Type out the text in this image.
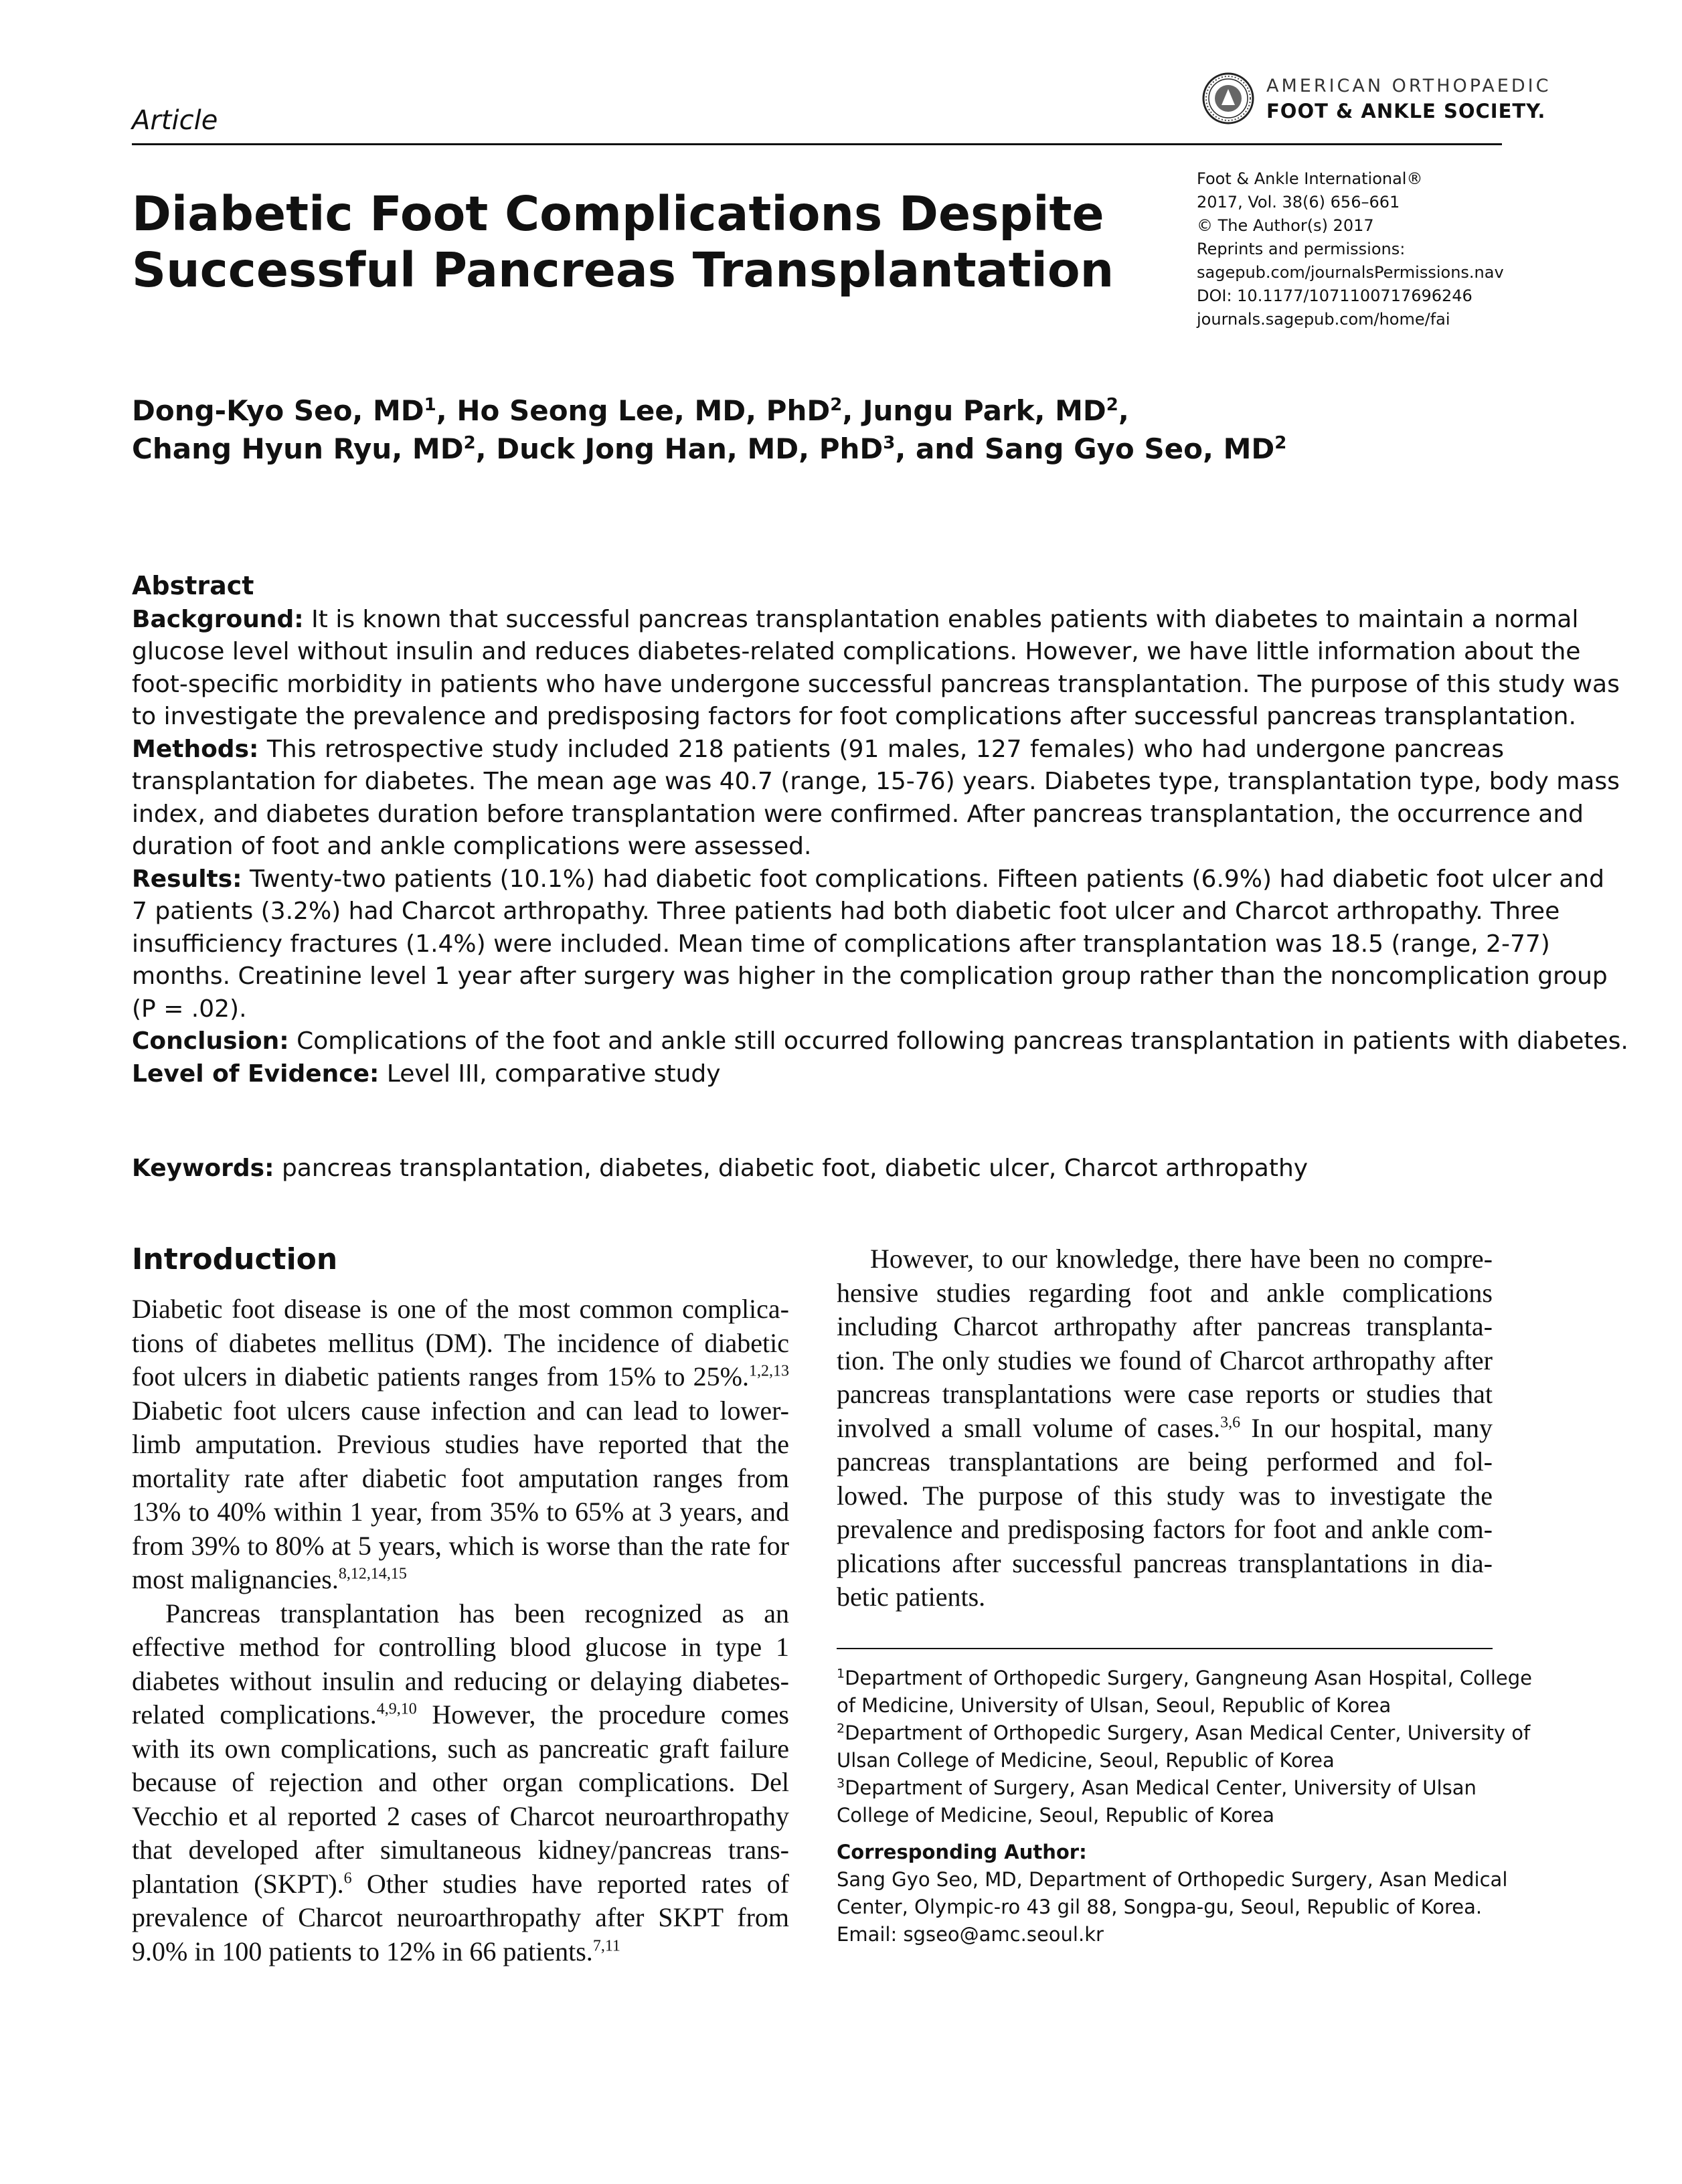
Article
AMERICAN ORTHOPAEDIC
FOOT & ANKLE SOCIETY.
Foot & Ankle International®
2017, Vol. 38(6) 656–661
© The Author(s) 2017
Reprints and permissions:
sagepub.com/journalsPermissions.nav
DOI: 10.1177/1071100717696246
journals.sagepub.com/home/fai
Diabetic Foot Complications Despite
Successful Pancreas Transplantation
Dong-Kyo Seo, $MD^1$, Ho Seong Lee, MD, PhD$^2$, Jungu Park, $MD^2$,
Chang Hyun Ryu, $MD^2$, Duck Jong Han, MD, PhD$^3$, and Sang Gyo Seo, $MD^2$
Abstract
Background: It is known that successful pancreas transplantation enables patients with diabetes to maintain a normal
glucose level without insulin and reduces diabetes-related complications. However, we have little information about the
foot-specific morbidity in patients who have undergone successful pancreas transplantation. The purpose of this study was
to investigate the prevalence and predisposing factors for foot complications after successful pancreas transplantation.
Methods: This retrospective study included 218 patients (91 males, 127 females) who had undergone pancreas
transplantation for diabetes. The mean age was 40.7 (range, 15-76) years. Diabetes type, transplantation type, body mass
index, and diabetes duration before transplantation were confirmed. After pancreas transplantation, the occurrence and
duration of foot and ankle complications were assessed.
Results: Twenty-two patients (10.1%) had diabetic foot complications. Fifteen patients (6.9%) had diabetic foot ulcer and
7 patients (3.2%) had Charcot arthropathy. Three patients had both diabetic foot ulcer and Charcot arthropathy. Three
insufficiency fractures (1.4%) were included. Mean time of complications after transplantation was 18.5 (range, 2-77)
months. Creatinine level 1 year after surgery was higher in the complication group rather than the noncomplication group
(P = .02).
Conclusion: Complications of the foot and ankle still occurred following pancreas transplantation in patients with diabetes.
Level of Evidence: Level III, comparative study
Keywords: pancreas transplantation, diabetes, diabetic foot, diabetic ulcer, Charcot arthropathy
Introduction
Diabetic foot disease is one of the most common complica-
tions of diabetes mellitus (DM). The incidence of diabetic
foot ulcers in diabetic patients ranges from 15% to 25%.$^{1,2,13}$
Diabetic foot ulcers cause infection and can lead to lower-
limb amputation. Previous studies have reported that the
mortality rate after diabetic foot amputation ranges from
13% to 40% within 1 year, from 35% to 65% at 3 years, and
from 39% to 80% at 5 years, which is worse than the rate for
most malignancies.$^{8,12,14,15}$
Pancreas transplantation has been recognized as an
effective method for controlling blood glucose in type 1
diabetes without insulin and reducing or delaying diabetes-
related complications.$^{4,9,10}$ However, the procedure comes
with its own complications, such as pancreatic graft failure
because of rejection and other organ complications. Del
Vecchio et al reported 2 cases of Charcot neuroarthropathy
that developed after simultaneous kidney/pancreas trans-
plantation (SKPT).$^6$ Other studies have reported rates of
prevalence of Charcot neuroarthropathy after SKPT from
9.0% in 100 patients to 12% in 66 patients.$^{7,11}$
However, to our knowledge, there have been no compre-
hensive studies regarding foot and ankle complications
including Charcot arthropathy after pancreas transplanta-
tion. The only studies we found of Charcot arthropathy after
pancreas transplantations were case reports or studies that
involved a small volume of cases.$^{3,6}$ In our hospital, many
pancreas transplantations are being performed and fol-
lowed. The purpose of this study was to investigate the
prevalence and predisposing factors for foot and ankle com-
plications after successful pancreas transplantations in dia-
betic patients.
$^1$Department of Orthopedic Surgery, Gangneung Asan Hospital, College
of Medicine, University of Ulsan, Seoul, Republic of Korea
$^2$Department of Orthopedic Surgery, Asan Medical Center, University of
Ulsan College of Medicine, Seoul, Republic of Korea
$^3$Department of Surgery, Asan Medical Center, University of Ulsan
College of Medicine, Seoul, Republic of Korea
Corresponding Author:
Sang Gyo Seo, MD, Department of Orthopedic Surgery, Asan Medical
Center, Olympic-ro 43 gil 88, Songpa-gu, Seoul, Republic of Korea.
Email: sgseo@amc.seoul.kr
